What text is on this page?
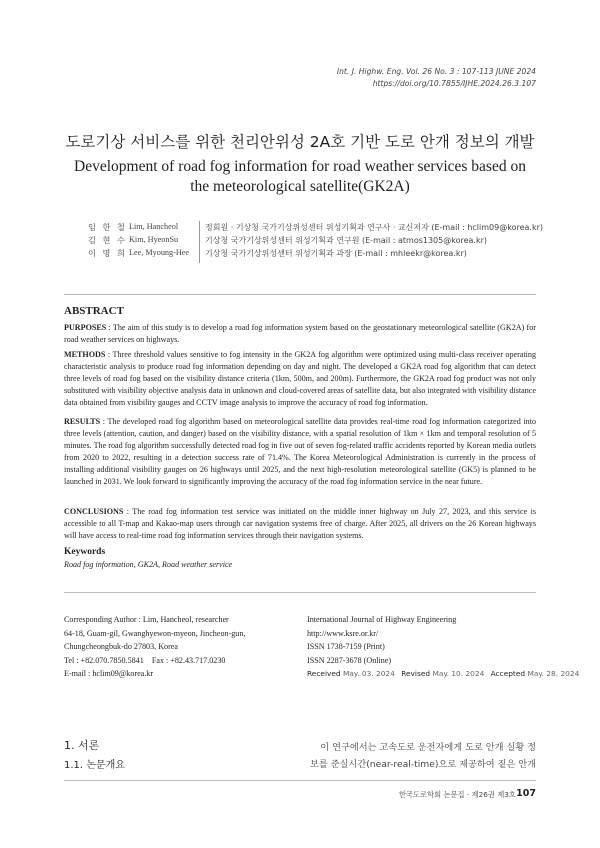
Int. J. Highw. Eng. Vol. 26 No. 3 : 107-113 JUNE 2024
https://doi.org/10.7855/IJHE.2024.26.3.107
도로기상 서비스를 위한 천리안위성 2A호 기반 도로 안개 정보의 개발
Development of road fog information for road weather services based on
the meteorological satellite(GK2A)
임 한 철 Lim, Hancheol	정회원 · 기상청 국가기상위성센터 위성기획과 연구사 · 교신저자 (E-mail : hclim09@korea.kr)
김 현 수 Kim, HyeonSu	기상청 국가기상위성센터 위성기획과 연구원 (E-mail : atmos1305@korea.kr)
이 명 희 Lee, Myoung-Hee	기상청 국가기상위성센터 위성기획과 과장 (E-mail : mhleekr@korea.kr)
ABSTRACT

PURPOSES : The aim of this study is to develop a road fog information system based on the geostationary meteorological satellite (GK2A) for road weather services on highways.

METHODS : Three threshold values sensitive to fog intensity in the GK2A fog algorithm were optimized using multi-class receiver operating characteristic analysis to produce road fog information depending on day and night. The developed a GK2A road fog algorithm that can detect three levels of road fog based on the visibility distance criteria (1km, 500m, and 200m). Furthermore, the GK2A road fog product was not only substituted with visibility objective analysis data in unknown and cloud-covered areas of satellite data, but also integrated with visibility distance data obtained from visibility gauges and CCTV image analysis to improve the accuracy of road fog information.

RESULTS : The developed road fog algorithm based on meteorological satellite data provides real-time road fog information categorized into three levels (attention, caution, and danger) based on the visibility distance, with a spatial resolution of 1km × 1km and temporal resolution of 5 minutes. The road fog algorithm successfully detected road fog in five out of seven fog-related traffic accidents reported by Korean media outlets from 2020 to 2022, resulting in a detection success rate of 71.4%. The Korea Meteorological Administration is currently in the process of installing additional visibility gauges on 26 highways until 2025, and the next high-resolution meteorological satellite (GK5) is planned to be launched in 2031. We look forward to significantly improving the accuracy of the road fog information service in the near future.

CONCLUSIONS : The road fog information test service was initiated on the middle inner highway on July 27, 2023, and this service is accessible to all T-map and Kakao-map users through car navigation systems free of charge. After 2025, all drivers on the 26 Korean highways will have access to real-time road fog information services through their navigation systems.

Keywords
Road fog information, GK2A, Road weather service
Corresponding Author : Lim, Hancheol, researcher
64-18, Guam-gil, Gwanghyewon-myeon, Jincheon-gun,
Chungcheongbuk-do 27803, Korea
Tel : +82.070.7850.5841    Fax : +82.43.717.0230
E-mail : hclim09@korea.kr
International Journal of Highway Engineering
http://www.ksre.or.kr/
ISSN 1738-7159 (Print)
ISSN 2287-3678 (Online)
Received May. 03. 2024 Revised May. 10. 2024 Accepted May. 28. 2024
1. 서론
1.1. 논문개요
이 연구에서는 고속도로 운전자에게 도로 안개 실황 정
보를 준실시간(near-real-time)으로 제공하여 짙은 안개
한국도로학회 논문집 · 제26권 제3호 107
